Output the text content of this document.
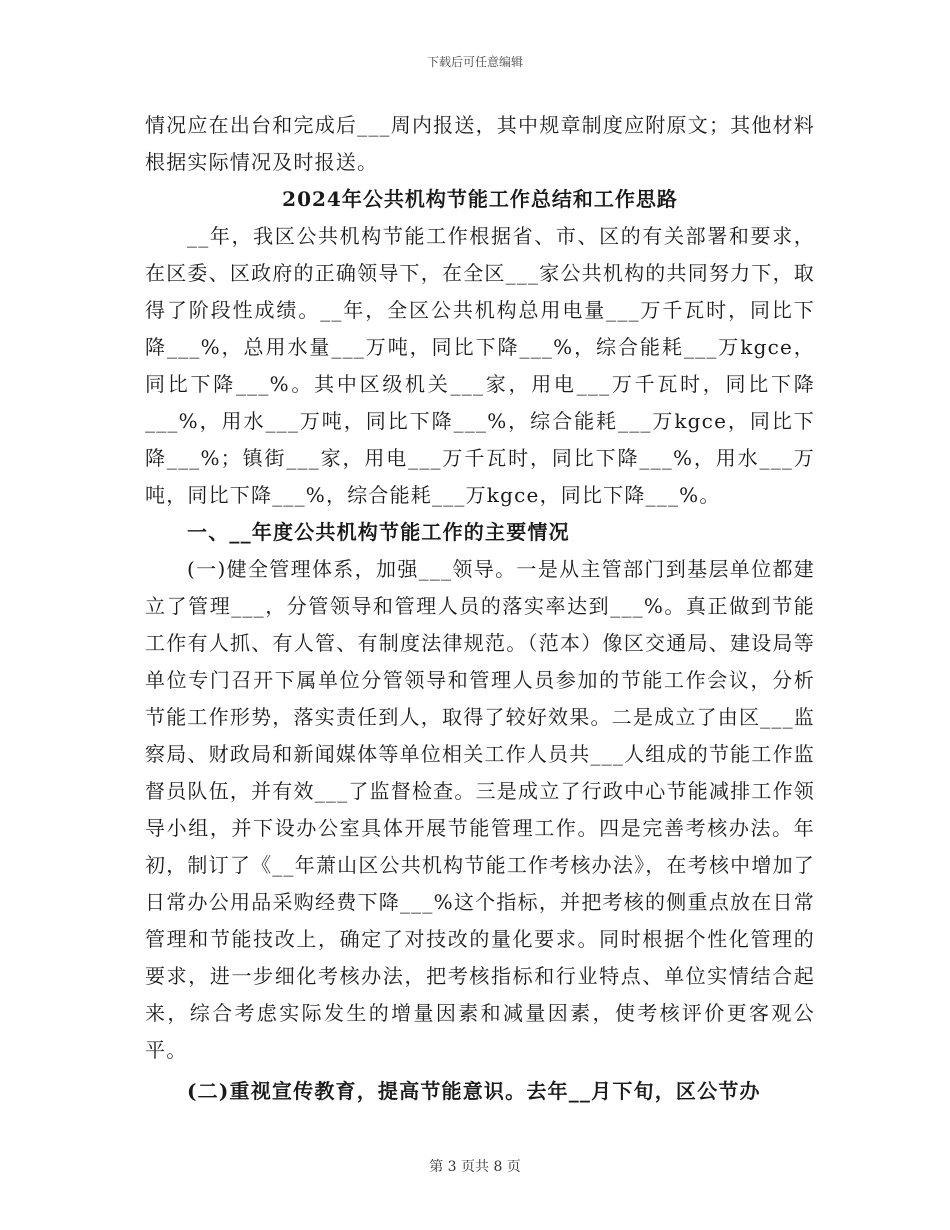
下载后可任意编辑

情况应在出台和完成后___周内报送，其中规章制度应附原文；其他材料根据实际情况及时报送。

2024年公共机构节能工作总结和工作思路

__年，我区公共机构节能工作根据省、市、区的有关部署和要求，在区委、区政府的正确领导下，在全区___家公共机构的共同努力下，取得了阶段性成绩。__年，全区公共机构总用电量___万千瓦时，同比下降___%，总用水量___万吨，同比下降___%，综合能耗___万kgce，同比下降___%。其中区级机关___家，用电___万千瓦时，同比下降___%，用水___万吨，同比下降___%，综合能耗___万kgce，同比下降___%；镇街___家，用电___万千瓦时，同比下降___%，用水___万吨，同比下降___%，综合能耗___万kgce，同比下降___%。

一、__年度公共机构节能工作的主要情况

(一)健全管理体系，加强___领导。一是从主管部门到基层单位都建立了管理___，分管领导和管理人员的落实率达到___%。真正做到节能工作有人抓、有人管、有制度法律规范。（范本）像区交通局、建设局等单位专门召开下属单位分管领导和管理人员参加的节能工作会议，分析节能工作形势，落实责任到人，取得了较好效果。二是成立了由区___监察局、财政局和新闻媒体等单位相关工作人员共___人组成的节能工作监督员队伍，并有效___了监督检查。三是成立了行政中心节能减排工作领导小组，并下设办公室具体开展节能管理工作。四是完善考核办法。年初，制订了《__年萧山区公共机构节能工作考核办法》，在考核中增加了日常办公用品采购经费下降___%这个指标，并把考核的侧重点放在日常管理和节能技改上，确定了对技改的量化要求。同时根据个性化管理的要求，进一步细化考核办法，把考核指标和行业特点、单位实情结合起来，综合考虑实际发生的增量因素和减量因素，使考核评价更客观公平。

(二)重视宣传教育，提高节能意识。去年__月下旬，区公节办

第 3 页共 8 页
